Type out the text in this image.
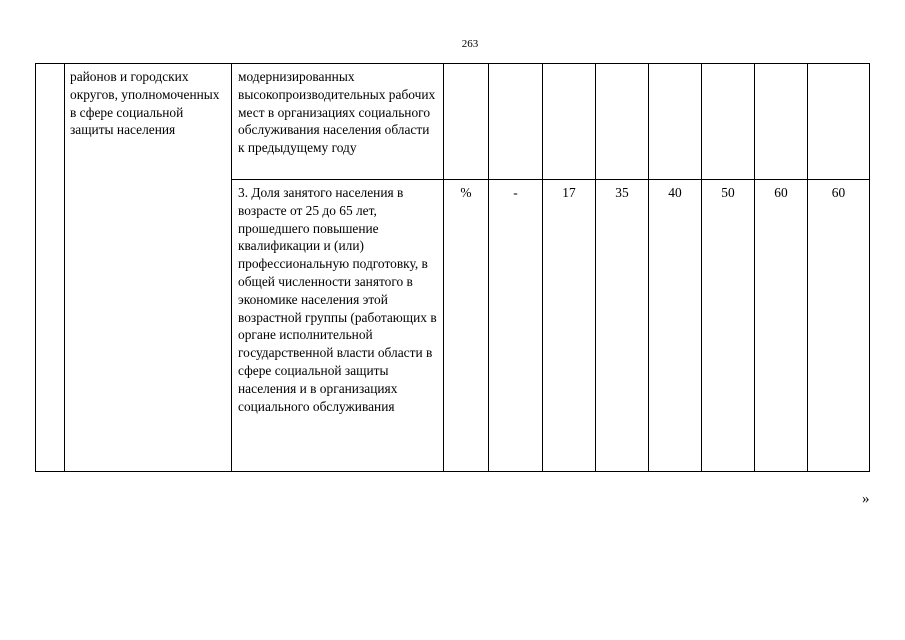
263
	районов и городских округов, уполномоченных в сфере социальной защиты населения	модернизированных высокопроизводительных рабочих мест в организациях социального обслуживания населения области к предыдущему году								
		3. Доля занятого населения в возрасте от 25 до 65 лет, прошедшего повышение квалификации и (или) профессиональную подготовку, в общей численности занятого в экономике населения этой возрастной группы (работающих в органе исполнительной государственной власти области в сфере социальной защиты населения и в организациях социального обслуживания	%	-	17	35	40	50	60	60
»
